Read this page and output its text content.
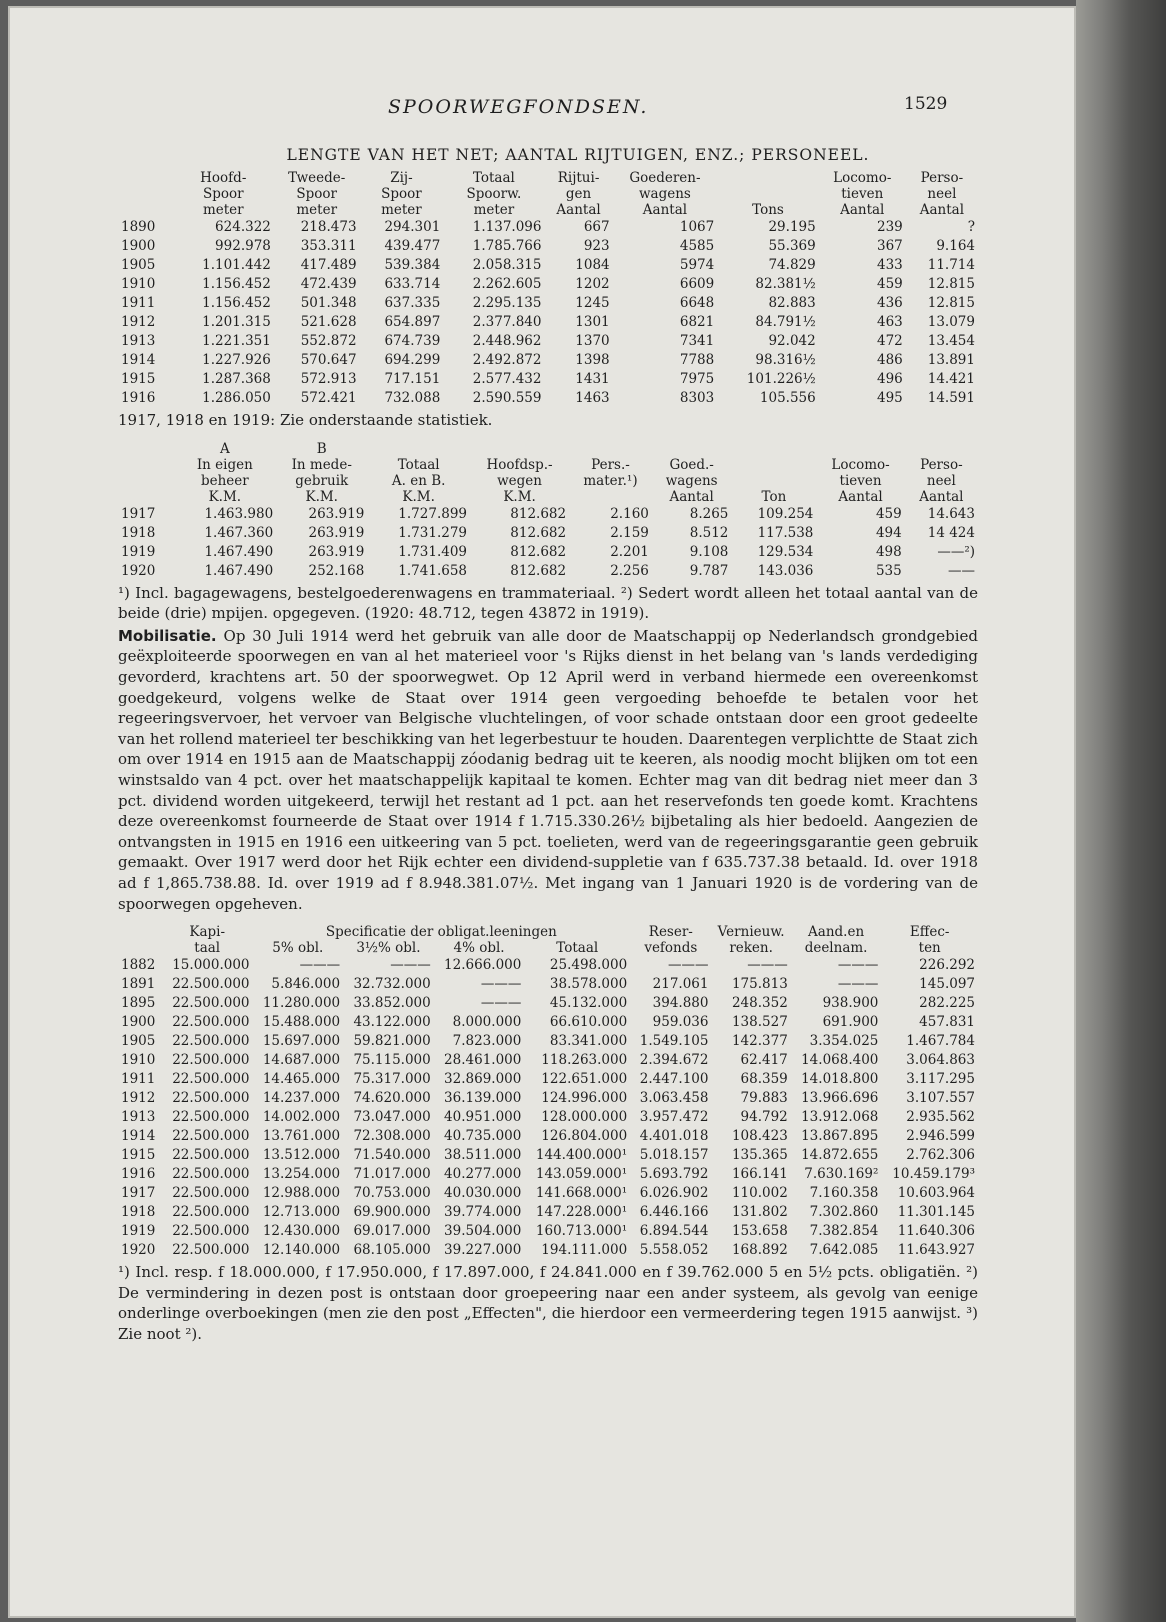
SPOORWEGFONDSEN.	1529
LENGTE VAN HET NET; AANTAL RIJTUIGEN, ENZ.; PERSONEEL.
	Hoofd-	Tweede-	Zij-	Totaal	Rijtui-	Goederen-		Locomo-	Perso-
	Spoor	Spoor	Spoor	Spoorw.	gen	wagens		tieven	neel
	meter	meter	meter	meter	Aantal	Aantal	Tons	Aantal	Aantal
1890	624.322	218.473	294.301	1.137.096	667	1067	29.195	239	?
1900	992.978	353.311	439.477	1.785.766	923	4585	55.369	367	9.164
1905	1.101.442	417.489	539.384	2.058.315	1084	5974	74.829	433	11.714
1910	1.156.452	472.439	633.714	2.262.605	1202	6609	82.381½	459	12.815
1911	1.156.452	501.348	637.335	2.295.135	1245	6648	82.883	436	12.815
1912	1.201.315	521.628	654.897	2.377.840	1301	6821	84.791½	463	13.079
1913	1.221.351	552.872	674.739	2.448.962	1370	7341	92.042	472	13.454
1914	1.227.926	570.647	694.299	2.492.872	1398	7788	98.316½	486	13.891
1915	1.287.368	572.913	717.151	2.577.432	1431	7975	101.226½	496	14.421
1916	1.286.050	572.421	732.088	2.590.559	1463	8303	105.556	495	14.591
1917, 1918 en 1919: Zie onderstaande statistiek.
	A	B							
	In eigen	In mede-	Totaal	Hoofdsp.-	Pers.-	Goed.-		Locomo-	Perso-
	beheer	gebruik	A. en B.	wegen	mater.¹)	wagens		tieven	neel
	K.M.	K.M.	K.M.	K.M.		Aantal	Ton	Aantal	Aantal
1917	1.463.980	263.919	1.727.899	812.682	2.160	8.265	109.254	459	14.643
1918	1.467.360	263.919	1.731.279	812.682	2.159	8.512	117.538	494	14 424
1919	1.467.490	263.919	1.731.409	812.682	2.201	9.108	129.534	498	——²)
1920	1.467.490	252.168	1.741.658	812.682	2.256	9.787	143.036	535	——
¹) Incl. bagagewagens, bestelgoederenwagens en trammateriaal. ²) Sedert wordt alleen het totaal aantal van de beide (drie) mpijen. opgegeven. (1920: 48.712, tegen 43872 in 1919).
Mobilisatie. Op 30 Juli 1914 werd het gebruik van alle door de Maatschappij op Nederlandsch grondgebied geëxploiteerde spoorwegen en van al het materieel voor 's Rijks dienst in het belang van 's lands verdediging gevorderd, krachtens art. 50 der spoorwegwet. Op 12 April werd in verband hiermede een overeenkomst goedgekeurd, volgens welke de Staat over 1914 geen vergoeding behoefde te betalen voor het regeeringsvervoer, het vervoer van Belgische vluchtelingen, of voor schade ontstaan door een groot gedeelte van het rollend materieel ter beschikking van het legerbestuur te houden. Daarentegen verplichtte de Staat zich om over 1914 en 1915 aan de Maatschappij zóodanig bedrag uit te keeren, als noodig mocht blijken om tot een winstsaldo van 4 pct. over het maatschappelijk kapitaal te komen. Echter mag van dit bedrag niet meer dan 3 pct. dividend worden uitgekeerd, terwijl het restant ad 1 pct. aan het reservefonds ten goede komt. Krachtens deze overeenkomst fourneerde de Staat over 1914 f 1.715.330.26½ bijbetaling als hier bedoeld. Aangezien de ontvangsten in 1915 en 1916 een uitkeering van 5 pct. toelieten, werd van de regeeringsgarantie geen gebruik gemaakt. Over 1917 werd door het Rijk echter een dividend-suppletie van f 635.737.38 betaald. Id. over 1918 ad f 1,865.738.88. Id. over 1919 ad f 8.948.381.07½. Met ingang van 1 Januari 1920 is de vordering van de spoorwegen opgeheven.
	Kapi-	Specificatie der obligat.leeningen				Reser-	Vernieuw.	Aand.en	Effec-
	taal	5% obl.	3½% obl.	4% obl.	Totaal	vefonds	reken.	deelnam.	ten
1882	15.000.000	———	———	12.666.000	25.498.000	———	———	———	226.292
1891	22.500.000	5.846.000	32.732.000	———	38.578.000	217.061	175.813	———	145.097
1895	22.500.000	11.280.000	33.852.000	———	45.132.000	394.880	248.352	938.900	282.225
1900	22.500.000	15.488.000	43.122.000	8.000.000	66.610.000	959.036	138.527	691.900	457.831
1905	22.500.000	15.697.000	59.821.000	7.823.000	83.341.000	1.549.105	142.377	3.354.025	1.467.784
1910	22.500.000	14.687.000	75.115.000	28.461.000	118.263.000	2.394.672	62.417	14.068.400	3.064.863
1911	22.500.000	14.465.000	75.317.000	32.869.000	122.651.000	2.447.100	68.359	14.018.800	3.117.295
1912	22.500.000	14.237.000	74.620.000	36.139.000	124.996.000	3.063.458	79.883	13.966.696	3.107.557
1913	22.500.000	14.002.000	73.047.000	40.951.000	128.000.000	3.957.472	94.792	13.912.068	2.935.562
1914	22.500.000	13.761.000	72.308.000	40.735.000	126.804.000	4.401.018	108.423	13.867.895	2.946.599
1915	22.500.000	13.512.000	71.540.000	38.511.000	144.400.000¹	5.018.157	135.365	14.872.655	2.762.306
1916	22.500.000	13.254.000	71.017.000	40.277.000	143.059.000¹	5.693.792	166.141	7.630.169²	10.459.179³
1917	22.500.000	12.988.000	70.753.000	40.030.000	141.668.000¹	6.026.902	110.002	7.160.358	10.603.964
1918	22.500.000	12.713.000	69.900.000	39.774.000	147.228.000¹	6.446.166	131.802	7.302.860	11.301.145
1919	22.500.000	12.430.000	69.017.000	39.504.000	160.713.000¹	6.894.544	153.658	7.382.854	11.640.306
1920	22.500.000	12.140.000	68.105.000	39.227.000	194.111.000	5.558.052	168.892	7.642.085	11.643.927
¹) Incl. resp. f 18.000.000, f 17.950.000, f 17.897.000, f 24.841.000 en f 39.762.000 5 en 5½ pcts. obligatiën. ²) De vermindering in dezen post is ontstaan door groepeering naar een ander systeem, als gevolg van eenige onderlinge overboekingen (men zie den post „Effecten", die hierdoor een vermeerdering tegen 1915 aanwijst. ³) Zie noot ²).
